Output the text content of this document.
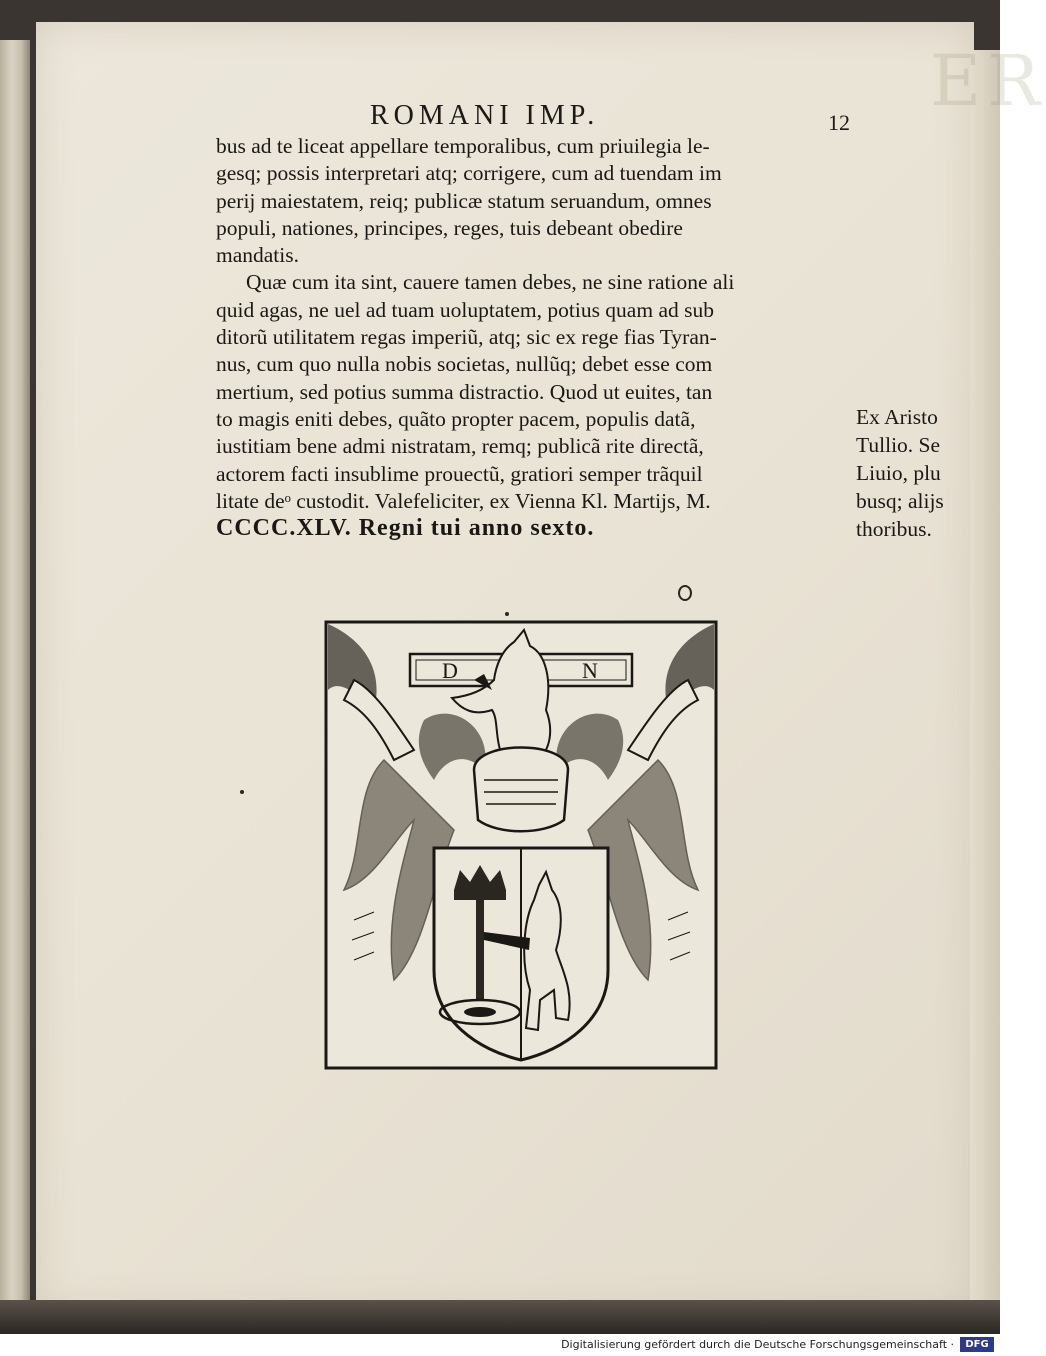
ROMANI IMP.	12
bus ad te liceat appellare temporalibus, cum priuilegia le-
gesq; possis interpretari atq; corrigere, cum ad tuendam im
perij maiestatem, reiq; publicæ statum seruandum, omnes
populi, nationes, principes, reges, tuis debeant obedire
mandatis.
Quæ cum ita sint, cauere tamen debes, ne sine ratione ali
quid agas, ne uel ad tuam uoluptatem, potius quam ad sub
ditorũ utilitatem regas imperiũ, atq; sic ex rege fias Tyran-
nus, cum quo nulla nobis societas, nullũq; debet esse com
mertium, sed potius summa distractio. Quod ut euites, tan
to magis eniti debes, quãto propter pacem, populis datã,
iustitiam bene admi nistratam, remq; publicã rite directã,
actorem facti insublime prouectũ, gratiori semper trãquil
litate deᵒ custodit. Valefeliciter, ex Vienna Kl. Martijs, M.
CCCC.XLV. Regni tui anno sexto.
Ex Aristo
Tullio. Se
Liuio, plu
busq; alijs
thoribus.
D	N
ER
Digitalisierung gefördert durch die Deutsche Forschungsgemeinschaft ·	DFG
